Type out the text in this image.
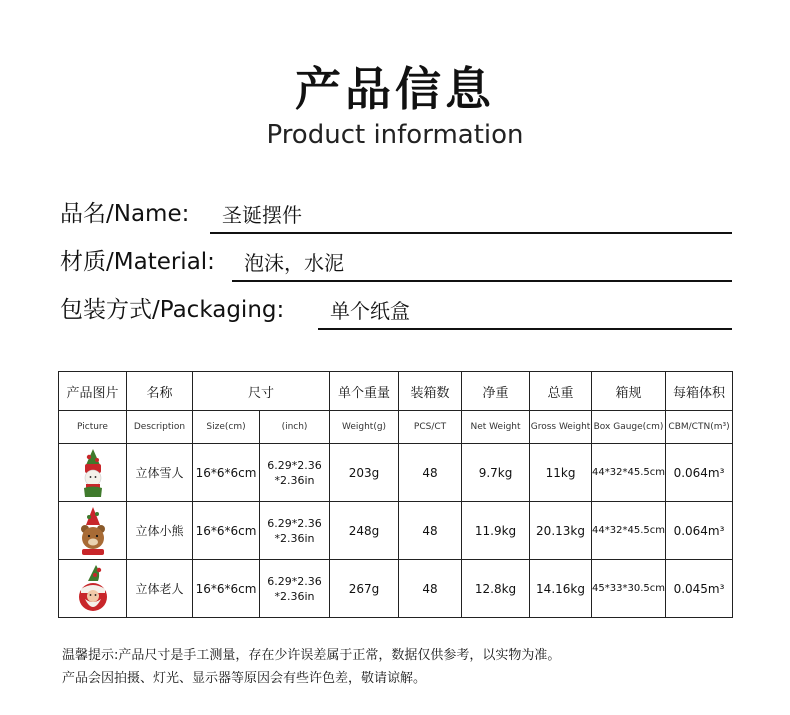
产品信息
Product information
品名/Name:	圣诞摆件
材质/Material:	泡沫，水泥
包装方式/Packaging:	单个纸盒
产品图片	名称	尺寸		单个重量	装箱数	净重	总重	箱规	每箱体积
Picture	Description	Size(cm)	(inch)	Weight(g)	PCS/CT	Net Weight	Gross Weight	Box Gauge(cm)	CBM/CTN(m³)

	立体雪人	16*6*6cm	6.29*2.36
*2.36in	203g	48	9.7kg	11kg	44*32*45.5cm	0.064m³

	立体小熊	16*6*6cm	6.29*2.36
*2.36in	248g	48	11.9kg	20.13kg	44*32*45.5cm	0.064m³

	立体老人	16*6*6cm	6.29*2.36
*2.36in	267g	48	12.8kg	14.16kg	45*33*30.5cm	0.045m³
温馨提示:产品尺寸是手工测量，存在少许误差属于正常，数据仅供参考，以实物为准。
产品会因拍摄、灯光、显示器等原因会有些许色差，敬请谅解。
